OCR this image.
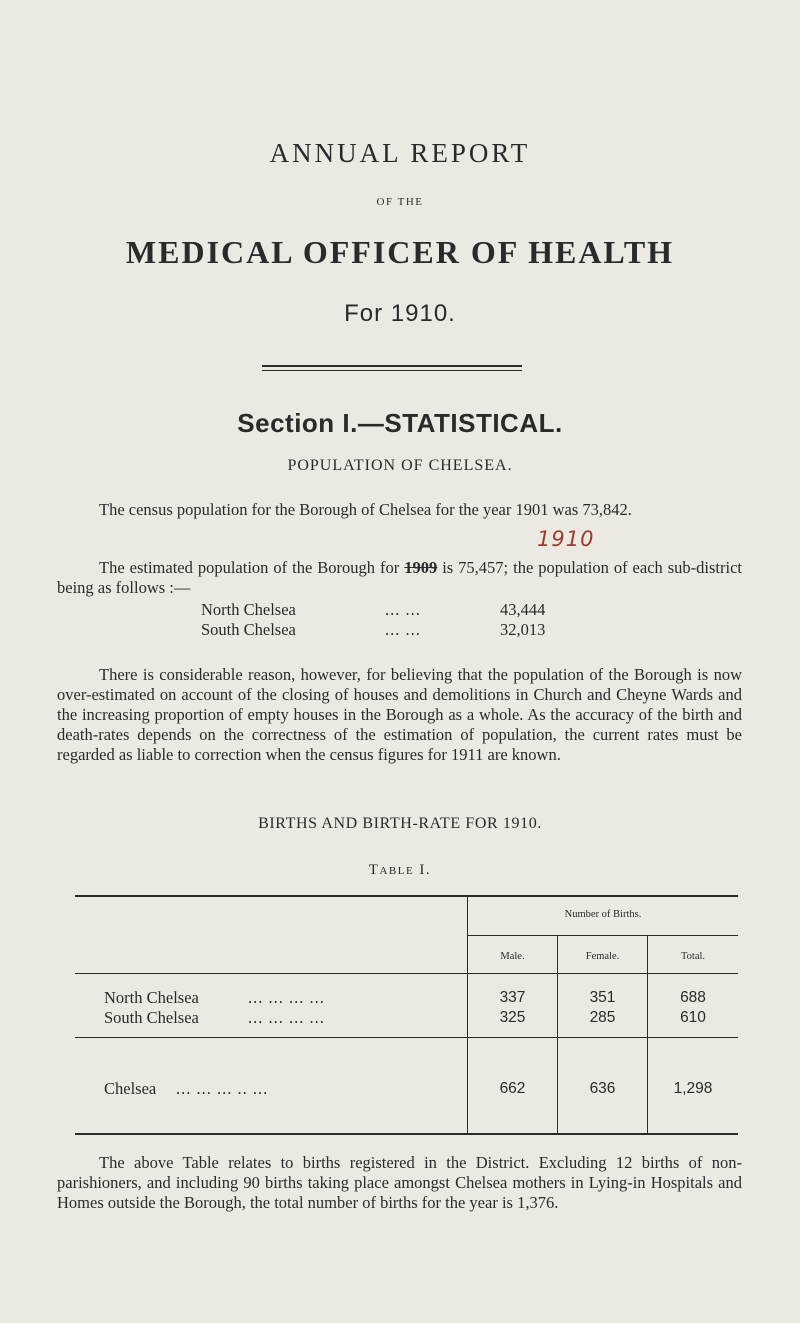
ANNUAL REPORT
OF THE
MEDICAL OFFICER OF HEALTH
For 1910.
Section I.—STATISTICAL.
POPULATION OF CHELSEA.
The census population for the Borough of Chelsea for the year 1901 was 73,842.
1910
The estimated population of the Borough for 1909 is 75,457; the population of each sub-district being as follows :—
North Chelsea	... ...	43,444
South Chelsea	... ...	32,013
There is considerable reason, however, for believing that the population of the Borough is now over-estimated on account of the closing of houses and demolitions in Church and Cheyne Wards and the increasing proportion of empty houses in the Borough as a whole. As the accuracy of the birth and death-rates depends on the correctness of the estimation of population, the current rates must be regarded as liable to correction when the census figures for 1911 are known.
BIRTHS AND BIRTH-RATE FOR 1910.
Table I.
Number of Births.
Male.	Female.	Total.
North Chelsea	... ... ... ...	337	351	688
South Chelsea	... ... ... ...	325	285	610
Chelsea ... ... ... .. ...	662	636	1,298
The above Table relates to births registered in the District. Excluding 12 births of non-parishioners, and including 90 births taking place amongst Chelsea mothers in Lying-in Hospitals and Homes outside the Borough, the total number of births for the year is 1,376.
